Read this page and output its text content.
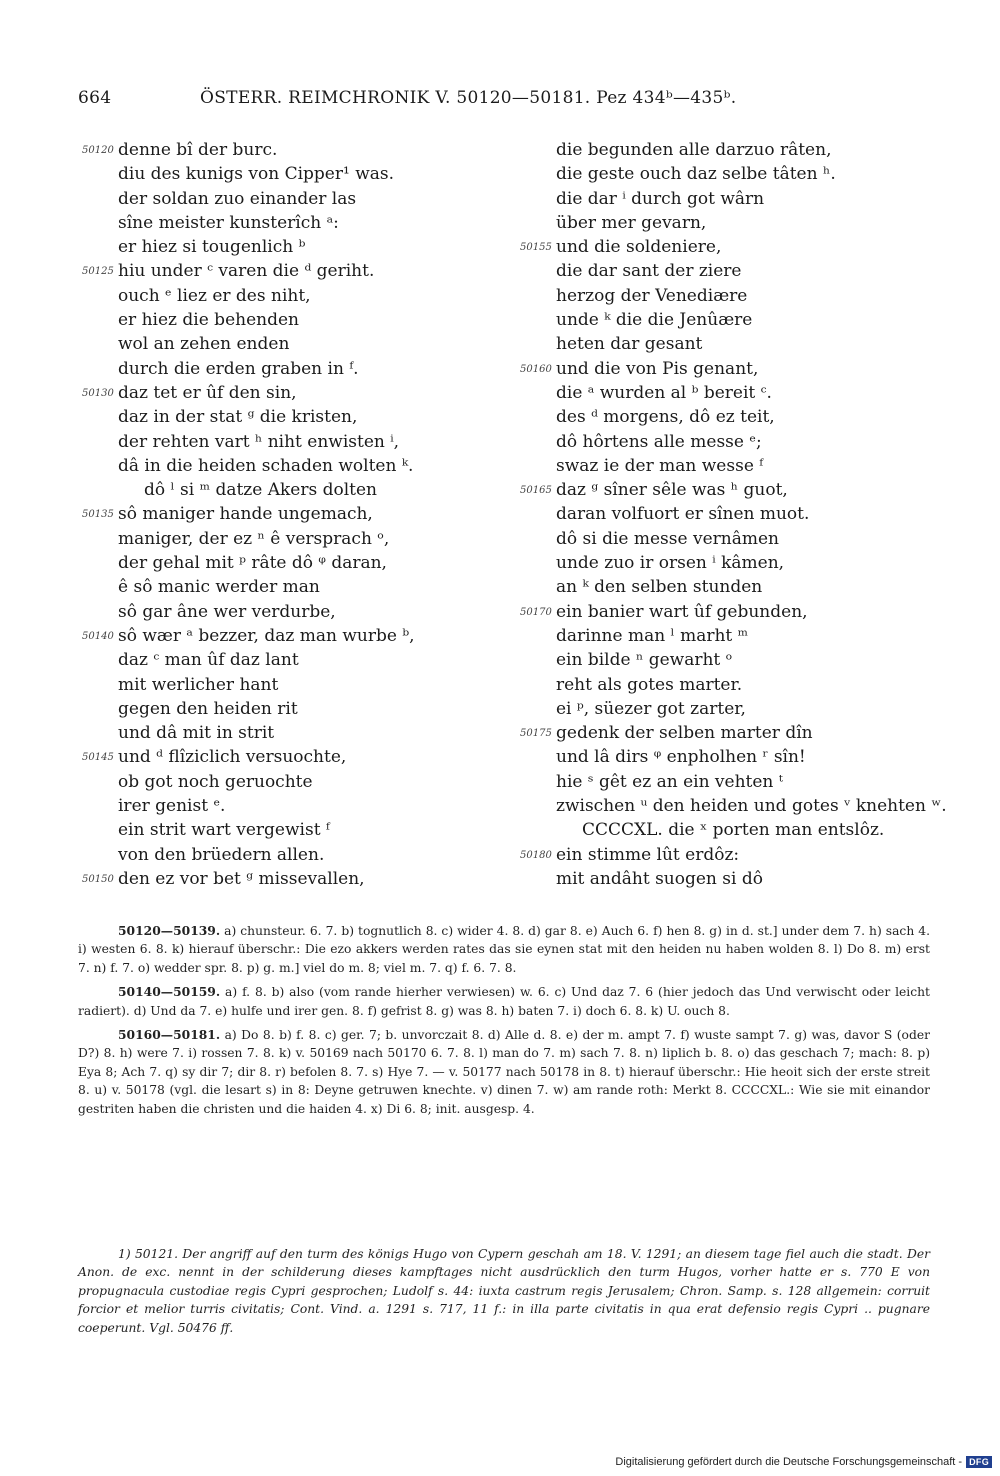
664	ÖSTERR. REIMCHRONIK V. 50120—50181. Pez 434ᵇ—435ᵇ.
50120 denne bî der burc.
diu des kunigs von Cipper¹ was.
der soldan zuo einander las
sîne meister kunsterîch ᵃ:
er hiez si tougenlich ᵇ
50125 hiu under ᶜ varen die ᵈ geriht.
ouch ᵉ liez er des niht,
er hiez die behenden
wol an zehen enden
durch die erden graben in ᶠ.
50130 daz tet er ûf den sin,
daz in der stat ᵍ die kristen,
der rehten vart ʰ niht enwisten ⁱ,
dâ in die heiden schaden wolten ᵏ.
dô ˡ si ᵐ datze Akers dolten
50135 sô maniger hande ungemach,
maniger, der ez ⁿ ê versprach ᵒ,
der gehal mit ᵖ râte dô ᵠ daran,
ê sô manic werder man
sô gar âne wer verdurbe,
50140 sô wær ᵃ bezzer, daz man wurbe ᵇ,
daz ᶜ man ûf daz lant
mit werlicher hant
gegen den heiden rit
und dâ mit in strit
50145 und ᵈ flîziclich versuochte,
ob got noch geruochte
irer genist ᵉ.
ein strit wart vergewist ᶠ
von den brüedern allen.
50150 den ez vor bet ᵍ missevallen,
die begunden alle darzuo râten,
die geste ouch daz selbe tâten ʰ.
die dar ⁱ durch got wârn
über mer gevarn,
50155 und die soldeniere,
die dar sant der ziere
herzog der Venediære
unde ᵏ die die Jenûære
heten dar gesant
50160 und die von Pis genant,
die ᵃ wurden al ᵇ bereit ᶜ.
des ᵈ morgens, dô ez teit,
dô hôrtens alle messe ᵉ;
swaz ie der man wesse ᶠ
50165 daz ᵍ sîner sêle was ʰ guot,
daran volfuort er sînen muot.
dô si die messe vernâmen
unde zuo ir orsen ⁱ kâmen,
an ᵏ den selben stunden
50170 ein banier wart ûf gebunden,
darinne man ˡ marht ᵐ
ein bilde ⁿ gewarht ᵒ
reht als gotes marter.
ei ᵖ, süezer got zarter,
50175 gedenk der selben marter dîn
und lâ dirs ᵠ enpholhen ʳ sîn!
hie ˢ gêt ez an ein vehten ᵗ
zwischen ᵘ den heiden und gotes ᵛ knehten ʷ.
CCCCXL. die ˣ porten man entslôz.
50180 ein stimme lût erdôz:
mit andâht suogen si dô
50120—50139. a) chunsteur. 6. 7. b) tognutlich 8. c) wider 4. 8. d) gar 8. e) Auch 6. f) hen 8. g) in d. st.] under dem 7. h) sach 4. i) westen 6. 8. k) hierauf überschr.: Die ezo akkers werden rates das sie eynen stat mit den heiden nu haben wolden 8. l) Do 8. m) erst 7. n) f. 7. o) wedder spr. 8. p) g. m.] viel do m. 8; viel m. 7. q) f. 6. 7. 8.
50140—50159. a) f. 8. b) also (vom rande hierher verwiesen) w. 6. c) Und daz 7. 6 (hier jedoch das Und verwischt oder leicht radiert). d) Und da 7. e) hulfe und irer gen. 8. f) gefrist 8. g) was 8. h) baten 7. i) doch 6. 8. k) U. ouch 8.
50160—50181. a) Do 8. b) f. 8. c) ger. 7; b. unvorczait 8. d) Alle d. 8. e) der m. ampt 7. f) wuste sampt 7. g) was, davor S (oder D?) 8. h) were 7. i) rossen 7. 8. k) v. 50169 nach 50170 6. 7. 8. l) man do 7. m) sach 7. 8. n) liplich b. 8. o) das geschach 7; mach: 8. p) Eya 8; Ach 7. q) sy dir 7; dir 8. r) befolen 8. 7. s) Hye 7. — v. 50177 nach 50178 in 8. t) hierauf überschr.: Hie heoit sich der erste streit 8. u) v. 50178 (vgl. die lesart s) in 8: Deyne getruwen knechte. v) dinen 7. w) am rande roth: Merkt 8. CCCCXL.: Wie sie mit einandor gestriten haben die christen und die haiden 4. x) Di 6. 8; init. ausgesp. 4.
1) 50121. Der angriff auf den turm des königs Hugo von Cypern geschah am 18. V. 1291; an diesem tage fiel auch die stadt. Der Anon. de exc. nennt in der schilderung dieses kampftages nicht ausdrücklich den turm Hugos, vorher hatte er s. 770 E von propugnacula custodiae regis Cypri gesprochen; Ludolf s. 44: iuxta castrum regis Jerusalem; Chron. Samp. s. 128 allgemein: corruit forcior et melior turris civitatis; Cont. Vind. a. 1291 s. 717, 11 f.: in illa parte civitatis in qua erat defensio regis Cypri .. pugnare coeperunt. Vgl. 50476 ff.
Digitalisierung gefördert durch die Deutsche Forschungsgemeinschaft - DFG
